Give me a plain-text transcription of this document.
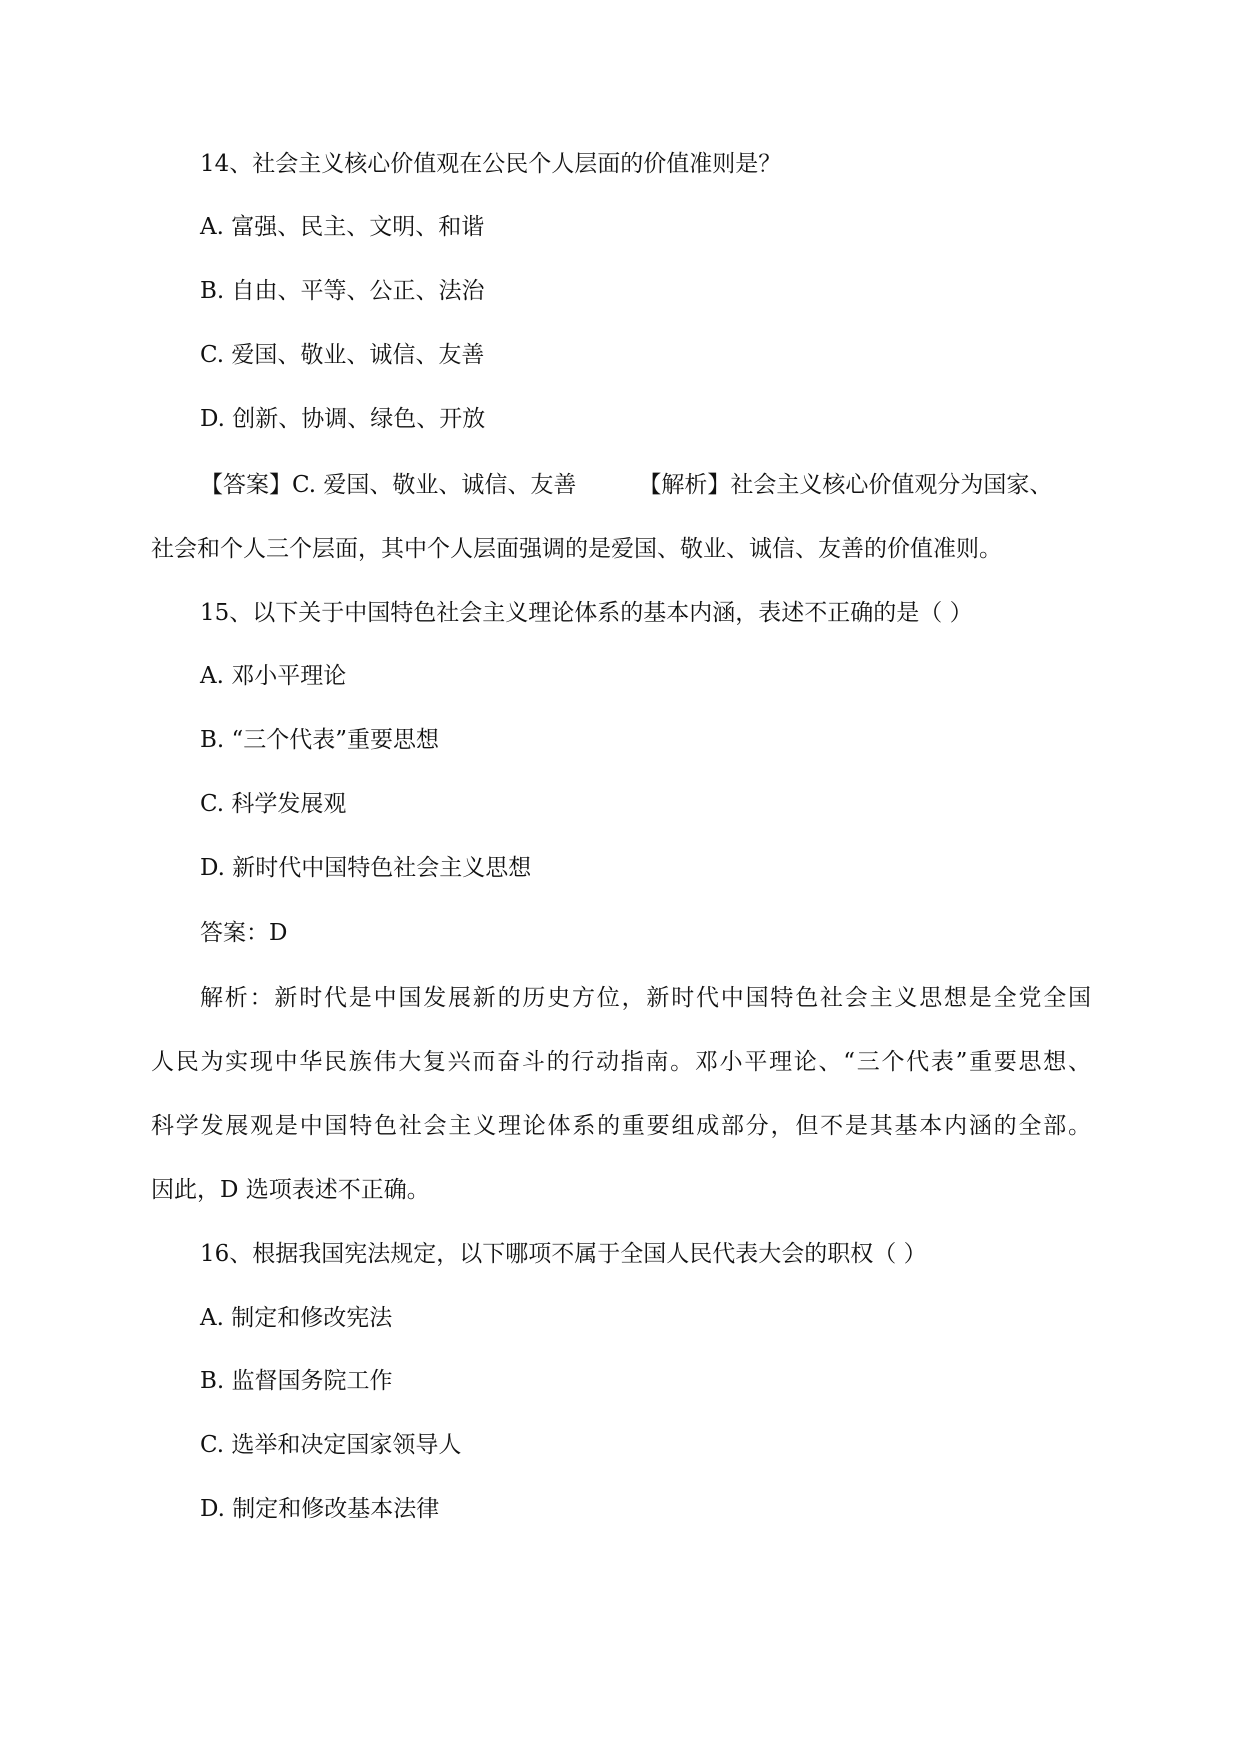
14、社会主义核心价值观在公民个人层面的价值准则是？
A. 富强、民主、文明、和谐
B. 自由、平等、公正、法治
C. 爱国、敬业、诚信、友善
D. 创新、协调、绿色、开放
【答案】C. 爱国、敬业、诚信、友善	【解析】社会主义核心价值观分为国家、
社会和个人三个层面，其中个人层面强调的是爱国、敬业、诚信、友善的价值准则。
15、以下关于中国特色社会主义理论体系的基本内涵，表述不正确的是（ ）
A. 邓小平理论
B. “三个代表”重要思想
C. 科学发展观
D. 新时代中国特色社会主义思想
答案：D
解析：新时代是中国发展新的历史方位，新时代中国特色社会主义思想是全党全国
人民为实现中华民族伟大复兴而奋斗的行动指南。邓小平理论、“三个代表”重要思想、
科学发展观是中国特色社会主义理论体系的重要组成部分，但不是其基本内涵的全部。
因此，D 选项表述不正确。
16、根据我国宪法规定，以下哪项不属于全国人民代表大会的职权（ ）
A. 制定和修改宪法
B. 监督国务院工作
C. 选举和决定国家领导人
D. 制定和修改基本法律
